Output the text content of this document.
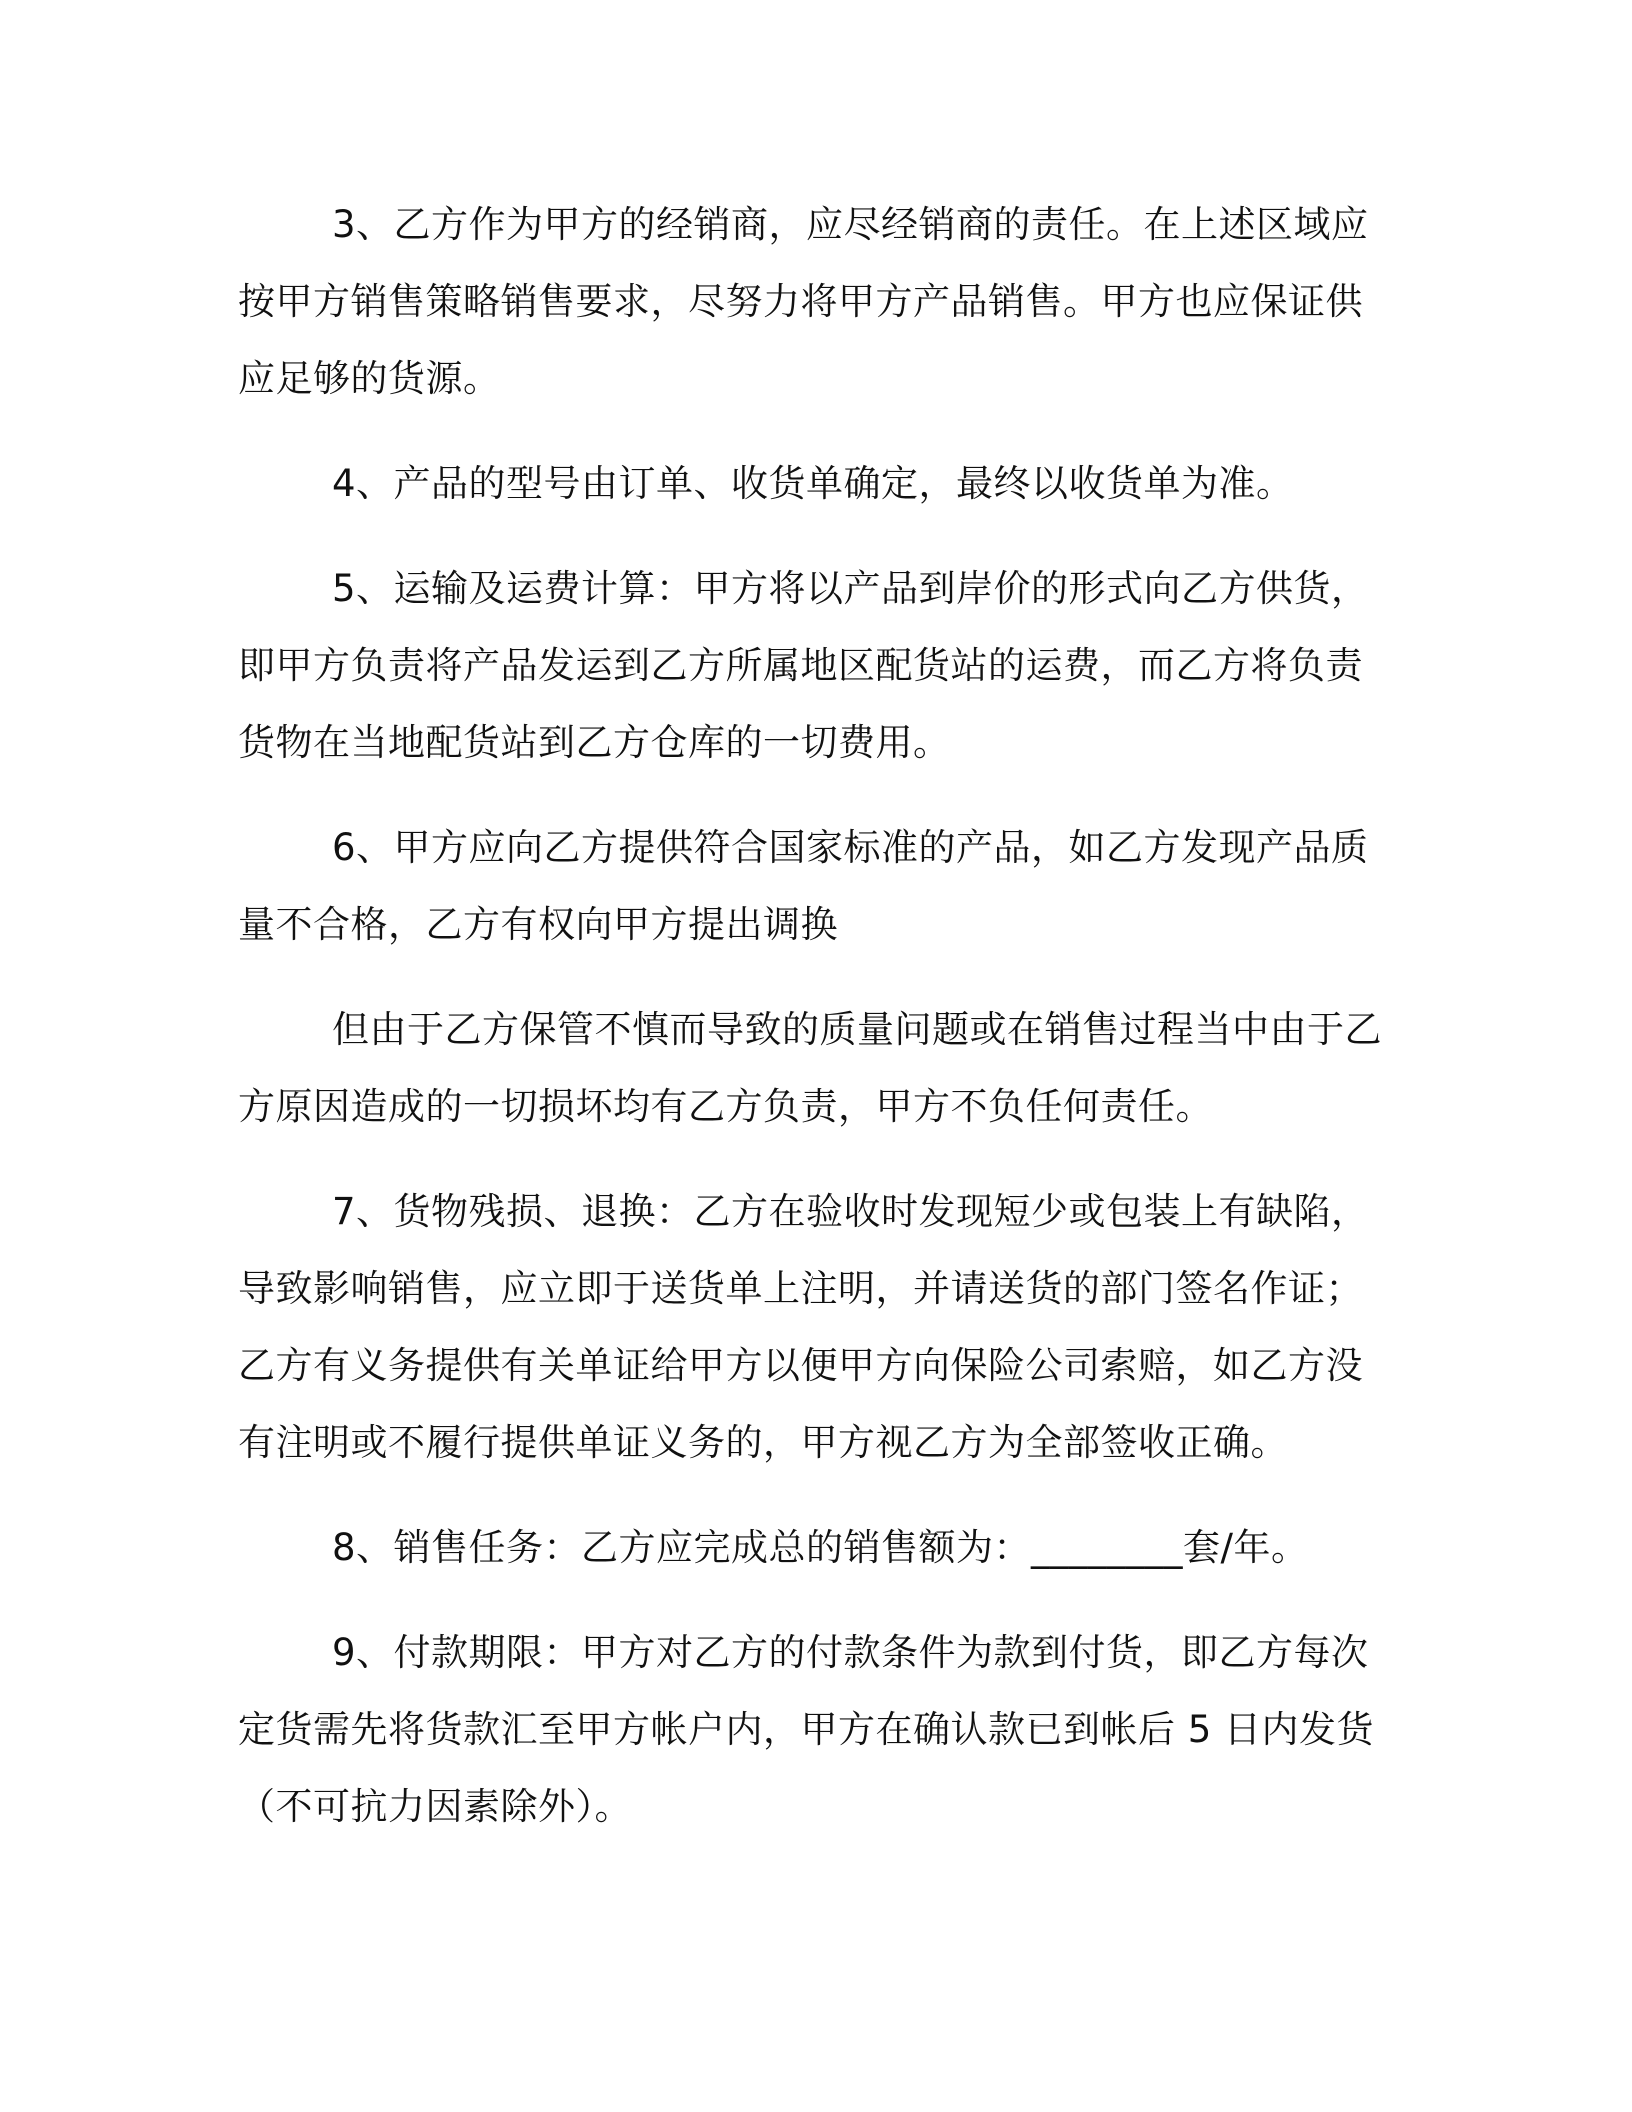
3、乙方作为甲方的经销商，应尽经销商的责任。在上述区域应
按甲方销售策略销售要求，尽努力将甲方产品销售。甲方也应保证供
应足够的货源。

4、产品的型号由订单、收货单确定，最终以收货单为准。

5、运输及运费计算：甲方将以产品到岸价的形式向乙方供货，
即甲方负责将产品发运到乙方所属地区配货站的运费，而乙方将负责
货物在当地配货站到乙方仓库的一切费用。

6、甲方应向乙方提供符合国家标准的产品，如乙方发现产品质
量不合格，乙方有权向甲方提出调换

但由于乙方保管不慎而导致的质量问题或在销售过程当中由于乙
方原因造成的一切损坏均有乙方负责，甲方不负任何责任。

7、货物残损、退换：乙方在验收时发现短少或包装上有缺陷，
导致影响销售，应立即于送货单上注明，并请送货的部门签名作证；
乙方有义务提供有关单证给甲方以便甲方向保险公司索赔，如乙方没
有注明或不履行提供单证义务的，甲方视乙方为全部签收正确。

8、销售任务：乙方应完成总的销售额为：________套/年。

9、付款期限：甲方对乙方的付款条件为款到付货，即乙方每次
定货需先将货款汇至甲方帐户内，甲方在确认款已到帐后 5 日内发货
（不可抗力因素除外）。
